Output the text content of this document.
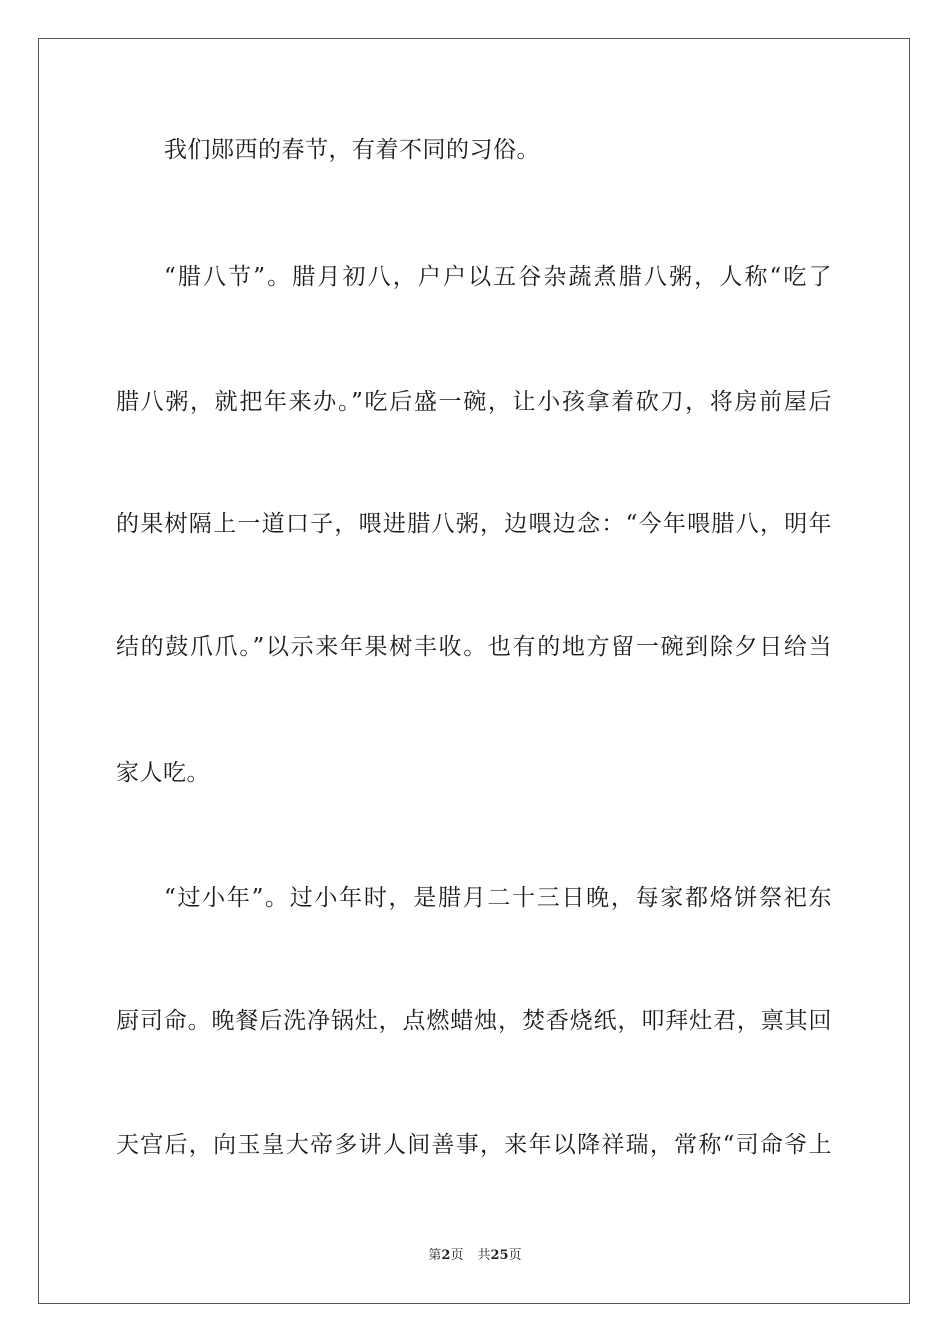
我们郧西的春节，有着不同的习俗。
“腊八节”。腊月初八，户户以五谷杂蔬煮腊八粥，人称“吃了
腊八粥，就把年来办。”吃后盛一碗，让小孩拿着砍刀，将房前屋后
的果树隔上一道口子，喂进腊八粥，边喂边念：“今年喂腊八，明年
结的鼓爪爪。”以示来年果树丰收。也有的地方留一碗到除夕日给当
家人吃。
“过小年”。过小年时，是腊月二十三日晚，每家都烙饼祭祀东
厨司命。晚餐后洗净锅灶，点燃蜡烛，焚香烧纸，叩拜灶君，禀其回
天宫后，向玉皇大帝多讲人间善事，来年以降祥瑞，常称“司命爷上
第2页 共25页
